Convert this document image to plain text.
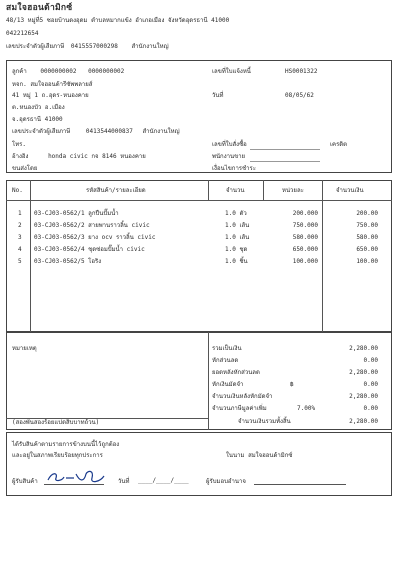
สมใจฮอนด้ามิกซ์
48/13 หมู่ที่5 ซอยบ้านดงอุดม ตำบลหมากแข้ง อำเภอเมือง จังหวัดอุดรธานี 41000
042212654
เลขประจำตัวผู้เสียภาษี 0415557000298 สำนักงานใหญ่
ลูกค้า 0000000002 0000000002
หจก. สมใจฮอนด้ารีซัพพลายส์
41 หมู่ 1 ถ.อุดร-หนองคาย
ต.หนองบัว อ.เมือง
จ.อุดรธานี 41000
เลขประจำตัวผู้เสียภาษี	0413544000837 สำนักงานใหญ่
โทร.
อ้างอิง	honda civic กจ 8146 หนองคาย
ขนส่งโดย
เลขที่ใบแจ้งหนี้	HS0001322
วันที่	08/05/62
เลขที่ใบสั่งซื้อ	เครดิต
พนักงานขาย
เงื่อนไขการชำระ
No.	รหัสสินค้า/รายละเอียด	จำนวน	หน่วยละ	จำนวนเงิน
1 03-CJ03-0562/1 ลูกปืนปั๊มน้ำ	1.0 ตัว	200.000	200.00
2 03-CJ03-0562/2 สายพานราวลิ้น civic	1.0 เส้น	750.000	750.00
3 03-CJ03-0562/3 ยาง ocv ราวลิ้น civic	1.0 เส้น	580.000	580.00
4 03-CJ03-0562/4 ชุดซ่อมปั๊มน้ำ civic	1.0 ชุด	650.000	650.00
5 03-CJ03-0562/5 โอริง	1.0 ชิ้น	100.000	100.00
หมายเหตุ	รวมเป็นเงิน	2,280.00
หักส่วนลด	0.00
ยอดหลังหักส่วนลด	2,280.00
หักเงินมัดจำ	฿	0.00
จำนวนเงินหลังหักมัดจำ	2,280.00
จำนวนภาษีมูลค่าเพิ่ม	7.00%	0.00
(สองพันสองร้อยแปดสิบบาทถ้วน)	จำนวนเงินรวมทั้งสิ้น	2,280.00
ได้รับสินค้าตามรายการข้างบนนี้ไว้ถูกต้อง
และอยู่ในสภาพเรียบร้อยทุกประการ	ในนาม สมใจฮอนด้ามิกซ์
ผู้รับสินค้า	วันที่ ____/____/____	ผู้รับมอบอำนาจ
